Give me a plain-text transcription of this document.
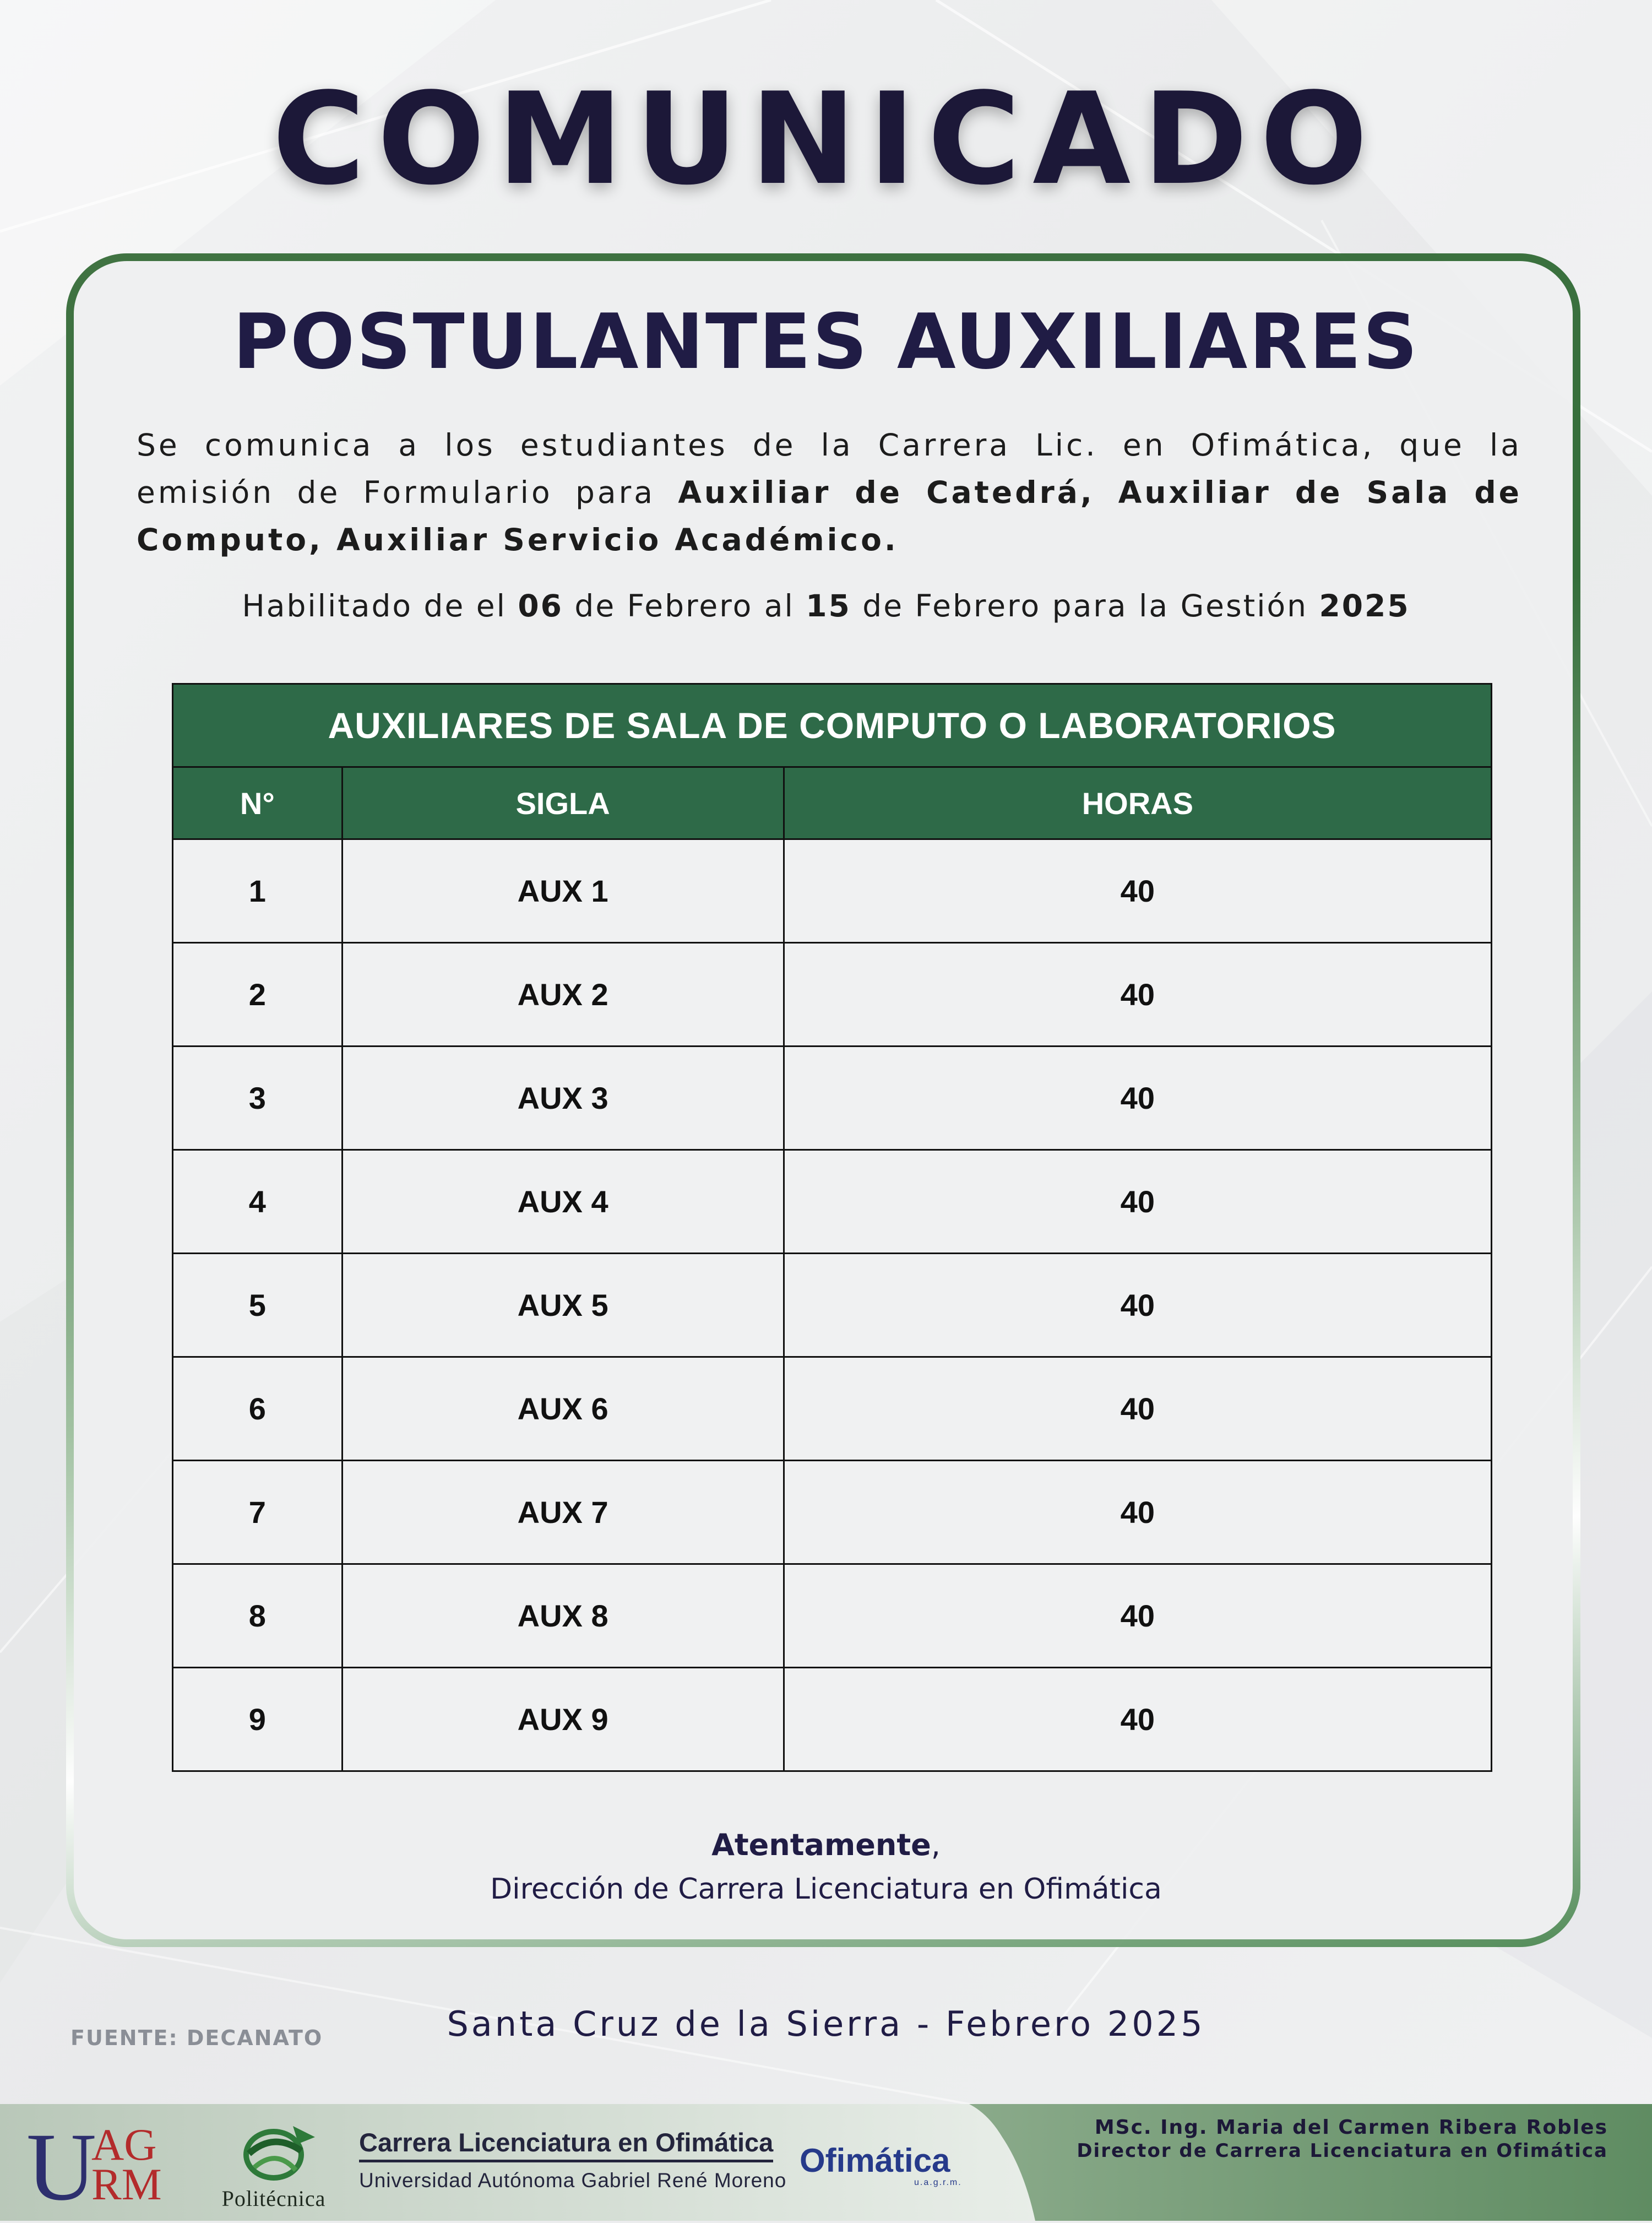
COMUNICADO
POSTULANTES AUXILIARES
Se comunica a los estudiantes de la Carrera Lic. en Ofimática, que la emisión de Formulario para Auxiliar de Catedrá, Auxiliar de Sala de Computo, Auxiliar Servicio Académico.
Habilitado de el 06 de Febrero al 15 de Febrero para la Gestión 2025
AUXILIARES DE SALA DE COMPUTO O LABORATORIOS		
N°	SIGLA	HORAS
1	AUX 1	40
2	AUX 2	40
3	AUX 3	40
4	AUX 4	40
5	AUX 5	40
6	AUX 6	40
7	AUX 7	40
8	AUX 8	40
9	AUX 9	40
Atentamente,
Dirección de Carrera Licenciatura en Ofimática
Santa Cruz de la Sierra - Febrero 2025
FUENTE: DECANATO
U
AG
RM	Politécnica
Carrera Licenciatura en Ofimática
Universidad Autónoma Gabriel René Moreno
Ofimática
u.a.g.r.m.
MSc. Ing. Maria del Carmen Ribera Robles
Director de Carrera Licenciatura en Ofimática
